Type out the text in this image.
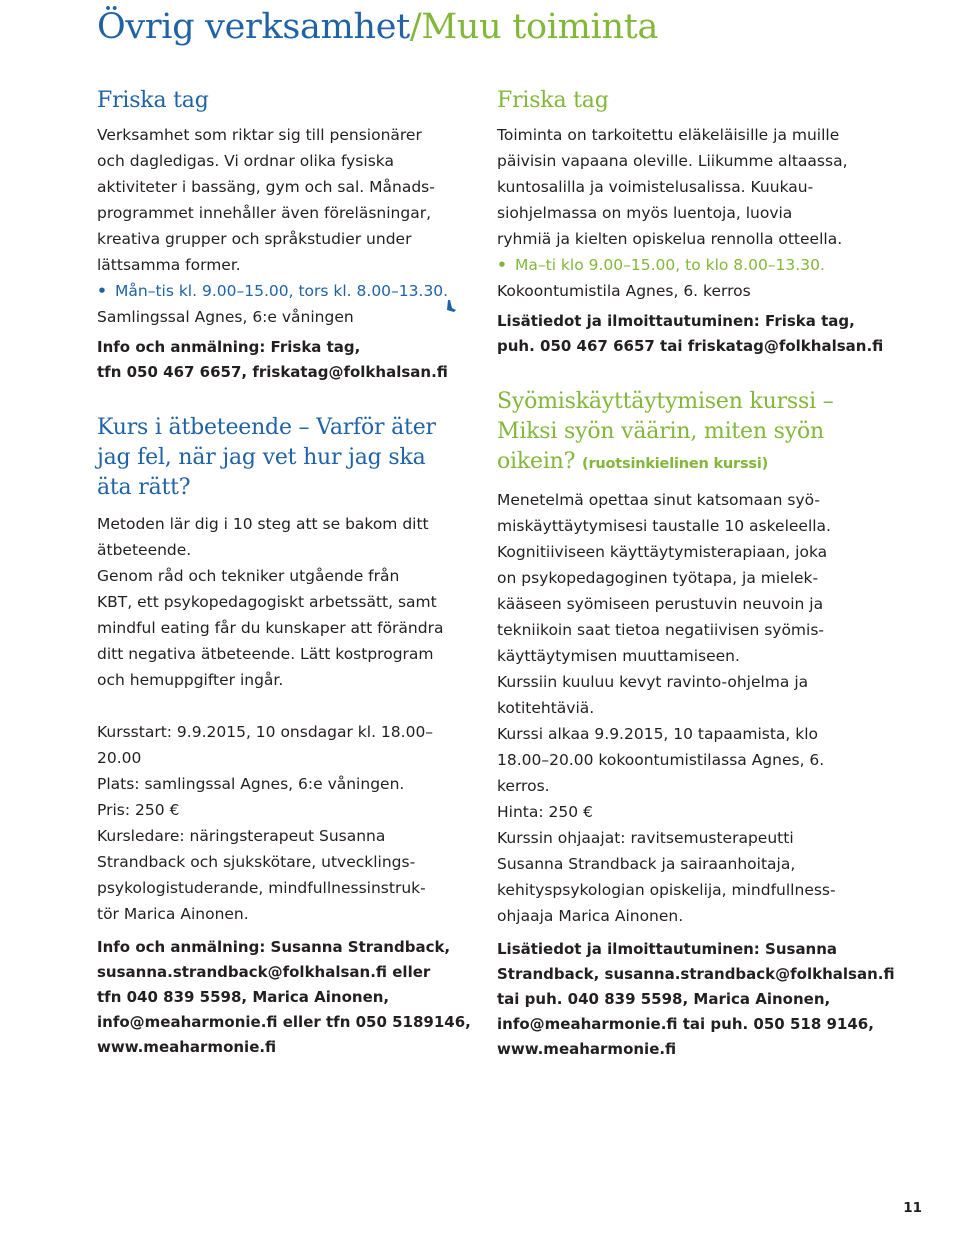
Övrig verksamhet/Muu toiminta
Friska tag

Verksamhet som riktar sig till pensionärer
och dagledigas. Vi ordnar olika fysiska
aktiviteter i bassäng, gym och sal. Månads-
programmet innehåller även föreläsningar,
kreativa grupper och språkstudier under
lättsamma former.

• Mån–tis kl. 9.00–15.00, tors kl. 8.00–13.30.

Samlingssal Agnes, 6:e våningen

Info och anmälning: Friska tag,
tfn 050 467 6657, friskatag@folkhalsan.fi
Kurs i ätbeteende – Varför äter
jag fel, när jag vet hur jag ska
äta rätt?

Metoden lär dig i 10 steg att se bakom ditt
ätbeteende.

Genom råd och tekniker utgående från
KBT, ett psykopedagogiskt arbetssätt, samt
mindful eating får du kunskaper att förändra
ditt negativa ätbeteende. Lätt kostprogram
och hemuppgifter ingår.

Kursstart: 9.9.2015, 10 onsdagar kl. 18.00–
20.00

Plats: samlingssal Agnes, 6:e våningen.

Pris: 250 €

Kursledare: näringsterapeut Susanna
Strandback och sjukskötare, utvecklings-
psykologistuderande, mindfullnessinstruk-
tör Marica Ainonen.

Info och anmälning: Susanna Strandback,
susanna.strandback@folkhalsan.fi eller
tfn 040 839 5598, Marica Ainonen,
info@meaharmonie.fi eller tfn 050 5189146,
www.meaharmonie.fi
Friska tag

Toiminta on tarkoitettu eläkeläisille ja muille
päivisin vapaana oleville. Liikumme altaassa,
kuntosalilla ja voimistelusalissa. Kuukau-
siohjelmassa on myös luentoja, luovia
ryhmiä ja kielten opiskelua rennolla otteella.

• Ma–ti klo 9.00–15.00, to klo 8.00–13.30.

Kokoontumistila Agnes, 6. kerros

Lisätiedot ja ilmoittautuminen: Friska tag,
puh. 050 467 6657 tai friskatag@folkhalsan.fi
Syömiskäyttäytymisen kurssi –
Miksi syön väärin, miten syön
oikein? (ruotsinkielinen kurssi)

Menetelmä opettaa sinut katsomaan syö-
miskäyttäytymisesi taustalle 10 askeleella.
Kognitiiviseen käyttäytymisterapiaan, joka
on psykopedagoginen työtapa, ja mielek-
kääseen syömiseen perustuvin neuvoin ja
tekniikoin saat tietoa negatiivisen syömis-
käyttäytymisen muuttamiseen.
Kurssiin kuuluu kevyt ravinto-ohjelma ja
kotitehtäviä.

Kurssi alkaa 9.9.2015, 10 tapaamista, klo
18.00–20.00 kokoontumistilassa Agnes, 6.
kerros.

Hinta: 250 €

Kurssin ohjaajat: ravitsemusterapeutti
Susanna Strandback ja sairaanhoitaja,
kehityspsykologian opiskelija, mindfullness-
ohjaaja Marica Ainonen.

Lisätiedot ja ilmoittautuminen: Susanna
Strandback, susanna.strandback@folkhalsan.fi
tai puh. 040 839 5598, Marica Ainonen,
info@meaharmonie.fi tai puh. 050 518 9146,
www.meaharmonie.fi
11
